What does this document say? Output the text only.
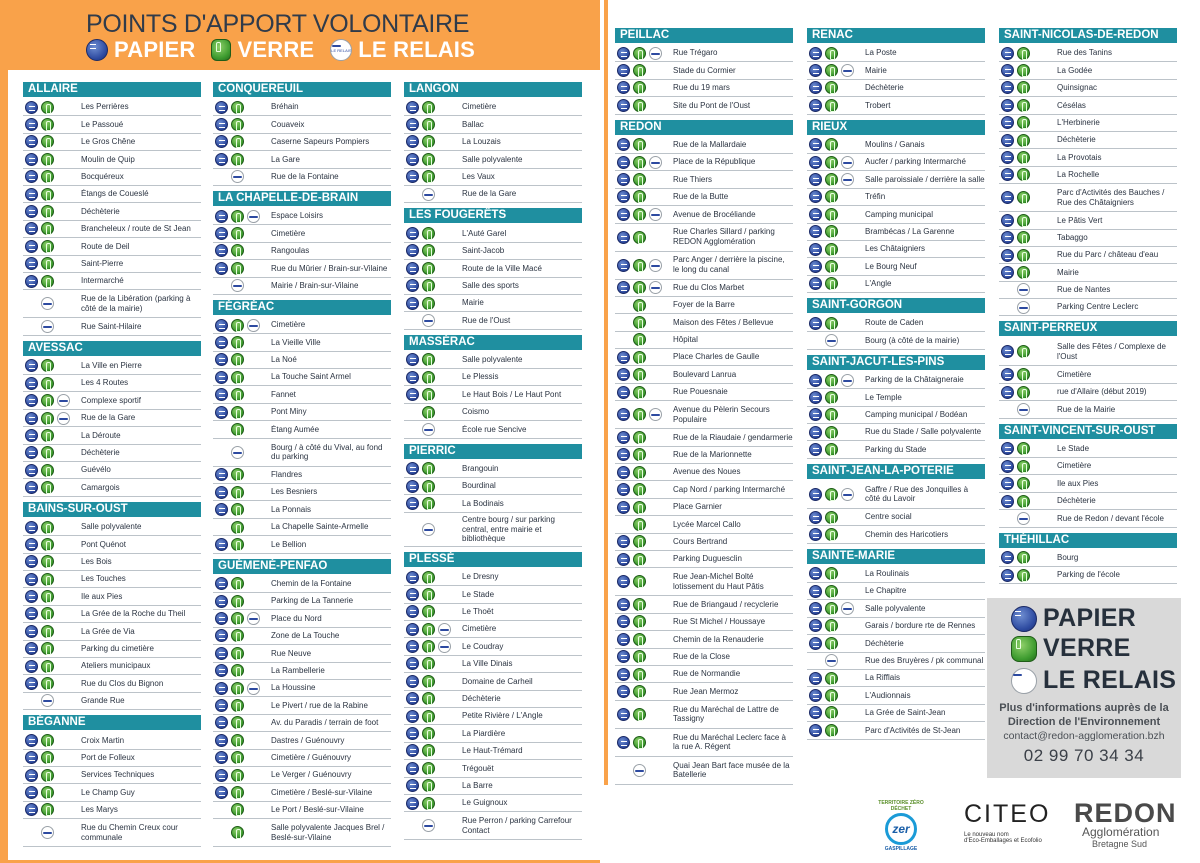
POINTS D'APPORT VOLONTAIRE
PAPIER VERRE	LE RELAIS LE RELAIS
PAPIER
VERRE
LE RELAIS
Plus d'informations auprès de la
Direction de l'Environnement
contact@redon-agglomeration.bzh
02 99 70 34 34
TERRITOIRE ZÉRO DÉCHET
zer
GASPILLAGE
CITEO
Le nouveau nom
d'Eco-Emballages et Ecofolio
REDON
Agglomération
Bretagne Sud
ALLAIRE
Les Perrières
Le Passoué
Le Gros Chêne
Moulin de Quip
Bocquéreux
Étangs de Coueslé
Déchèterie
Brancheleux / route de St Jean
Route de Deil
Saint-Pierre
Intermarché
Rue de la Libération (parking à côté de la mairie)
Rue Saint-Hilaire
AVESSAC
La Ville en Pierre
Les 4 Routes
Complexe sportif
Rue de la Gare
La Déroute
Déchèterie
Guévélo
Camargois
BAINS-SUR-OUST
Salle polyvalente
Pont Quénot
Les Bois
Les Touches
Ile aux Pies
La Grée de la Roche du Theil
La Grée de Via
Parking du cimetière
Ateliers municipaux
Rue du Clos du Bignon
Grande Rue
BÉGANNE
Croix Martin
Port de Folleux
Services Techniques
Le Champ Guy
Les Marys
Rue du Chemin Creux cour communale
CONQUEREUIL
Bréhain
Couaveix
Caserne Sapeurs Pompiers
La Gare
Rue de la Fontaine
LA CHAPELLE-DE-BRAIN
Espace Loisirs
Cimetière
Rangoulas
Rue du Mûrier / Brain-sur-Vilaine
Mairie / Brain-sur-Vilaine
FÉGRÉAC
Cimetière
La Vieille Ville
La Noé
La Touche Saint Armel
Fannet
Pont Miny
Étang Aumée
Bourg / à côté du Vival, au fond du parking
Flandres
Les Besniers
La Ponnais
La Chapelle Sainte-Armelle
Le Bellion
GUÉMENÉ-PENFAO
Chemin de la Fontaine
Parking de La Tannerie
Place du Nord
Zone de La Touche
Rue Neuve
La Rambellerie
La Houssine
Le Pivert / rue de la Rabine
Av. du Paradis / terrain de foot
Dastres / Guénouvry
Cimetière / Guénouvry
Le Verger / Guénouvry
Cimetière / Beslé-sur-Vilaine
Le Port / Beslé-sur-Vilaine
Salle polyvalente Jacques Brel / Beslé-sur-Vilaine
LANGON
Cimetière
Ballac
La Louzais
Salle polyvalente
Les Vaux
Rue de la Gare
LES FOUGERÊTS
L'Auté Garel
Saint-Jacob
Route de la Ville Macé
Salle des sports
Mairie
Rue de l'Oust
MASSÉRAC
Salle polyvalente
Le Plessis
Le Haut Bois / Le Haut Pont
Coismo
École rue Sencive
PIERRIC
Brangouin
Bourdinal
La Bodinais
Centre bourg / sur parking central, entre mairie et bibliothèque
PLESSÉ
Le Dresny
Le Stade
Le Thoët
Cimetière
Le Coudray
La Ville Dinais
Domaine de Carheil
Déchèterie
Petite Rivière / L'Angle
La Piardière
Le Haut-Trémard
Trégouët
La Barre
Le Guignoux
Rue Perron / parking Carrefour Contact
PEILLAC
Rue Trégaro
Stade du Cormier
Rue du 19 mars
Site du Pont de l'Oust
REDON
Rue de la Mallardaie
Place de la République
Rue Thiers
Rue de la Butte
Avenue de Brocéliande
Rue Charles Sillard / parking REDON Agglomération
Parc Anger / derrière la piscine, le long du canal
Rue du Clos Marbet
Foyer de la Barre
Maison des Fêtes / Bellevue
Hôpital
Place Charles de Gaulle
Boulevard Lanrua
Rue Pouesnaie
Avenue du Pèlerin Secours Populaire
Rue de la Riaudaie / gendarmerie
Rue de la Marionnette
Avenue des Noues
Cap Nord / parking Intermarché
Place Garnier
Lycée Marcel Callo
Cours Bertrand
Parking Duguesclin
Rue Jean-Michel Bolté lotissement du Haut Pâtis
Rue de Briangaud / recyclerie
Rue St Michel / Houssaye
Chemin de la Renauderie
Rue de la Close
Rue de Normandie
Rue Jean Mermoz
Rue du Maréchal de Lattre de Tassigny
Rue du Maréchal Leclerc face à la rue A. Régent
Quai Jean Bart face musée de la Batellerie
RENAC
La Poste
Mairie
Déchèterie
Trobert
RIEUX
Moulins / Ganais
Aucfer / parking Intermarché
Salle paroissiale / derrière la salle
Tréfin
Camping municipal
Brambécas / La Garenne
Les Châtaigniers
Le Bourg Neuf
L'Angle
SAINT-GORGON
Route de Caden
Bourg (à côté de la mairie)
SAINT-JACUT-LES-PINS
Parking de la Châtaigneraie
Le Temple
Camping municipal / Bodéan
Rue du Stade / Salle polyvalente
Parking du Stade
SAINT-JEAN-LA-POTERIE
Gaffre / Rue des Jonquilles à côté du Lavoir
Centre social
Chemin des Haricotiers
SAINTE-MARIE
La Roulinais
Le Chapitre
Salle polyvalente
Garais / bordure rte de Rennes
Déchèterie
Rue des Bruyères / pk communal
La Rifflais
L'Audionnais
La Grée de Saint-Jean
Parc d'Activités de St-Jean
SAINT-NICOLAS-DE-REDON
Rue des Tanins
La Godée
Quinsignac
Césélas
L'Herbinerie
Déchèterie
La Provotais
La Rochelle
Parc d'Activités des Bauches / Rue des Châtaigniers
Le Pâtis Vert
Tabaggo
Rue du Parc / château d'eau
Mairie
Rue de Nantes
Parking Centre Leclerc
SAINT-PERREUX
Salle des Fêtes / Complexe de l'Oust
Cimetière
rue d'Allaire (début 2019)
Rue de la Mairie
SAINT-VINCENT-SUR-OUST
Le Stade
Cimetière
Ile aux Pies
Déchèterie
Rue de Redon / devant l'école
THÉHILLAC
Bourg
Parking de l'école
